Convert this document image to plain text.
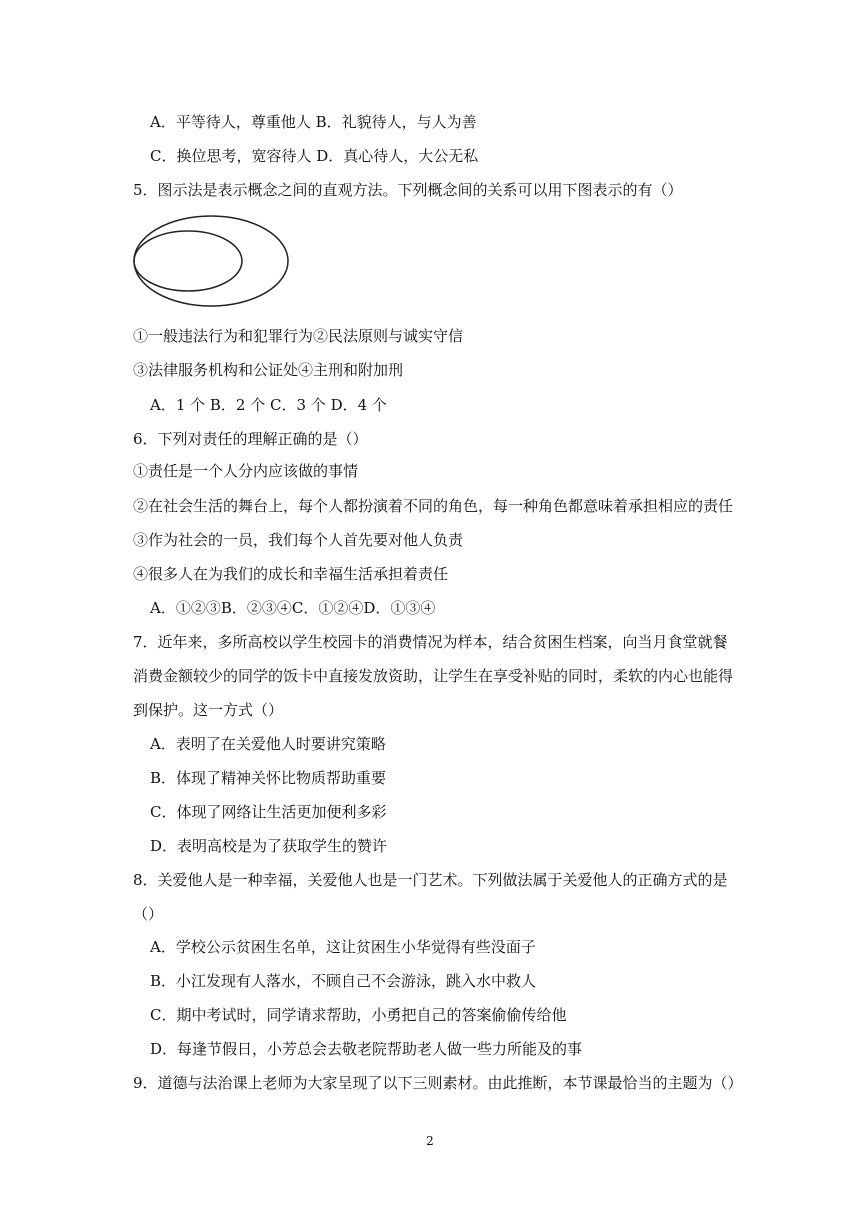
A．平等待人，尊重他人 B．礼貌待人，与人为善
C．换位思考，宽容待人 D．真心待人，大公无私
5．图示法是表示概念之间的直观方法。下列概念间的关系可以用下图表示的有（）
①一般违法行为和犯罪行为②民法原则与诚实守信
③法律服务机构和公证处④主刑和附加刑
A．1 个 B．2 个 C．3 个 D．4 个
6．下列对责任的理解正确的是（）
①责任是一个人分内应该做的事情
②在社会生活的舞台上，每个人都扮演着不同的角色，每一种角色都意味着承担相应的责任
③作为社会的一员，我们每个人首先要对他人负责
④很多人在为我们的成长和幸福生活承担着责任
A．①②③B．②③④C．①②④D．①③④
7．近年来，多所高校以学生校园卡的消费情况为样本，结合贫困生档案，向当月食堂就餐
消费金额较少的同学的饭卡中直接发放资助，让学生在享受补贴的同时，柔软的内心也能得
到保护。这一方式（）
A．表明了在关爱他人时要讲究策略
B．体现了精神关怀比物质帮助重要
C．体现了网络让生活更加便利多彩
D．表明高校是为了获取学生的赞许
8．关爱他人是一种幸福，关爱他人也是一门艺术。下列做法属于关爱他人的正确方式的是
（）
A．学校公示贫困生名单，这让贫困生小华觉得有些没面子
B．小江发现有人落水，不顾自己不会游泳，跳入水中救人
C．期中考试时，同学请求帮助，小勇把自己的答案偷偷传给他
D．每逢节假日，小芳总会去敬老院帮助老人做一些力所能及的事
9．道德与法治课上老师为大家呈现了以下三则素材。由此推断，本节课最恰当的主题为（）
2
